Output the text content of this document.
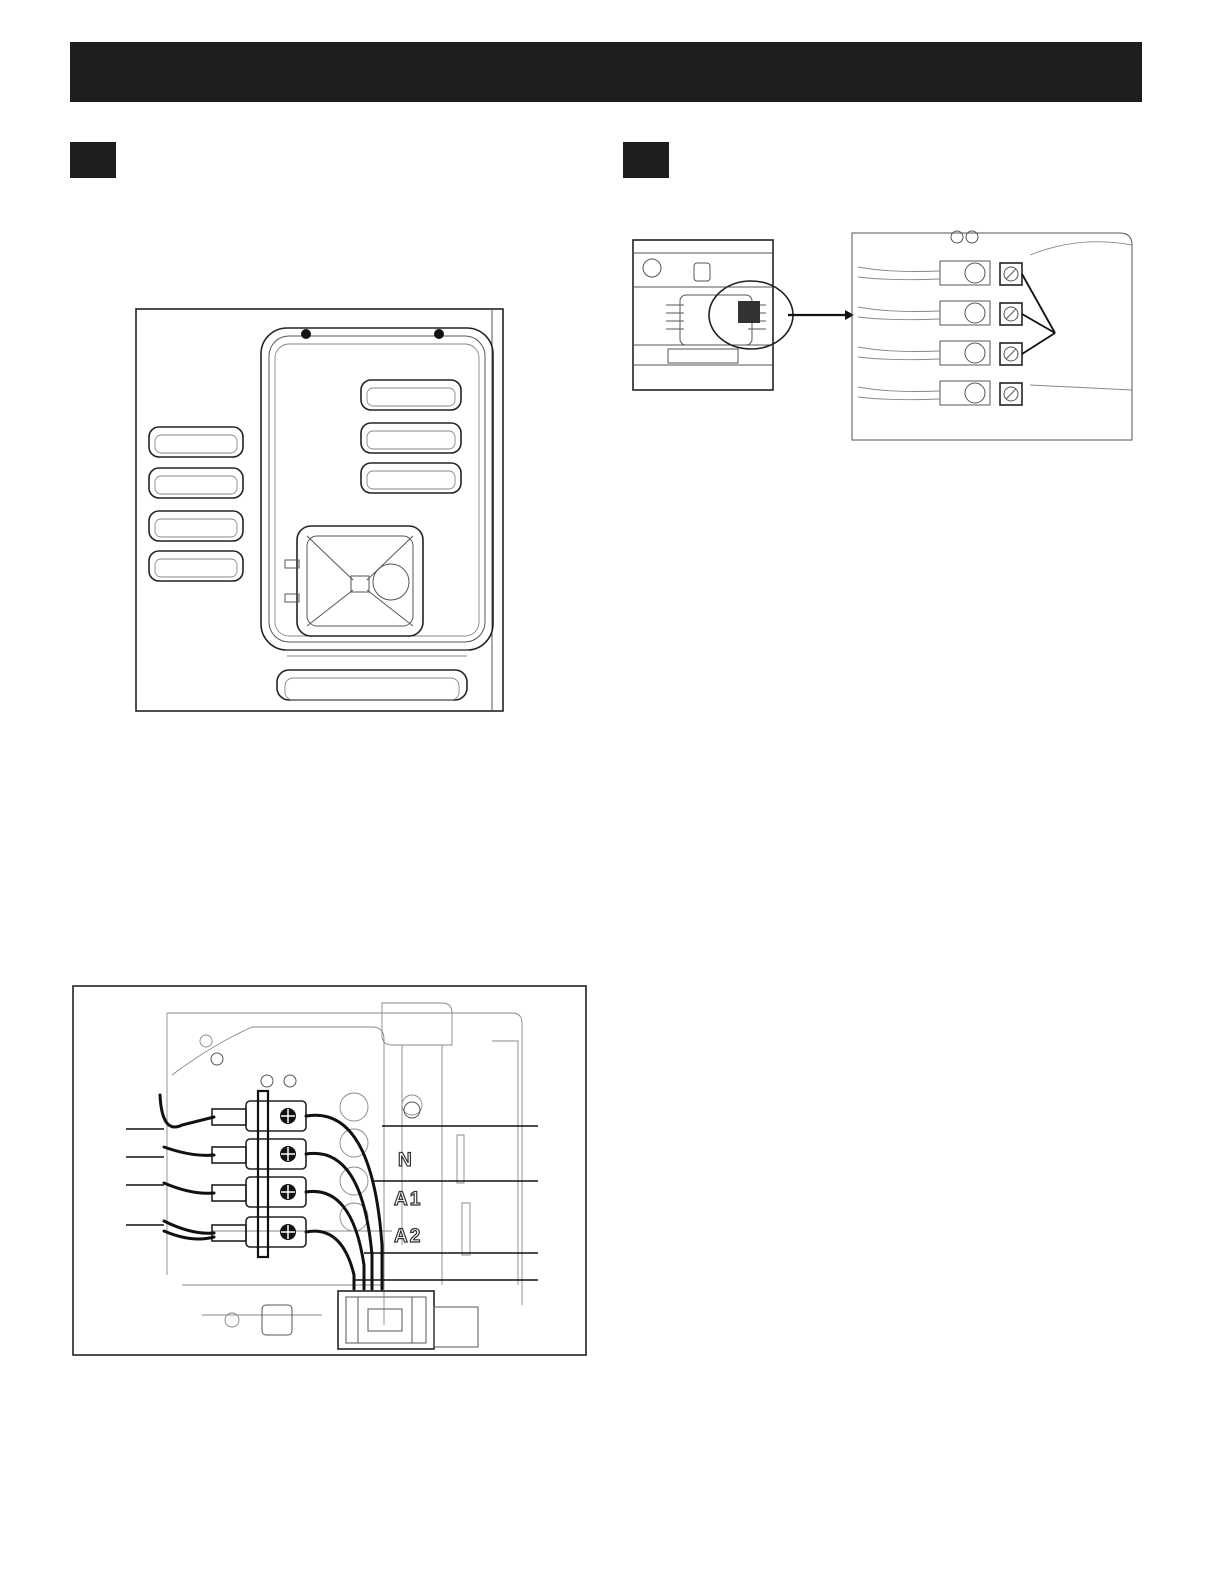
N
A1
A2
